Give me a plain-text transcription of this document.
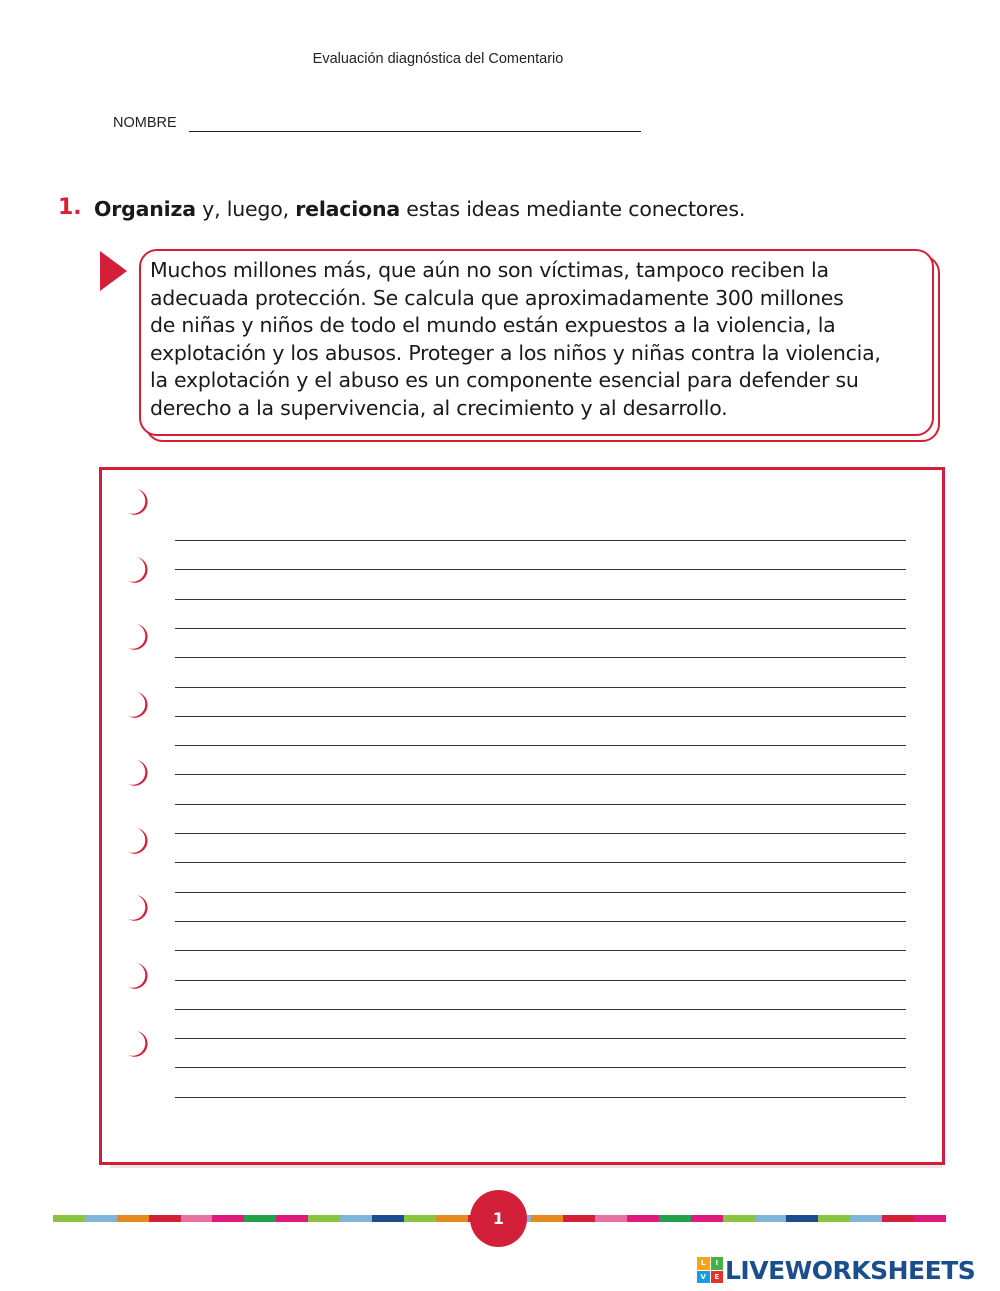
Evaluación diagnóstica del Comentario
NOMBRE
1. Organiza y, luego, relaciona estas ideas mediante conectores.
Muchos millones más, que aún no son víctimas, tampoco reciben la
adecuada protección. Se calcula que aproximadamente 300 millones
de niñas y niños de todo el mundo están expuestos a la violencia, la
explotación y los abusos. Proteger a los niños y niñas contra la violencia,
la explotación y el abuso es un componente esencial para defender su
derecho a la supervivencia, al crecimiento y al desarrollo.
1
L	I
V	E LIVEWORKSHEETS
